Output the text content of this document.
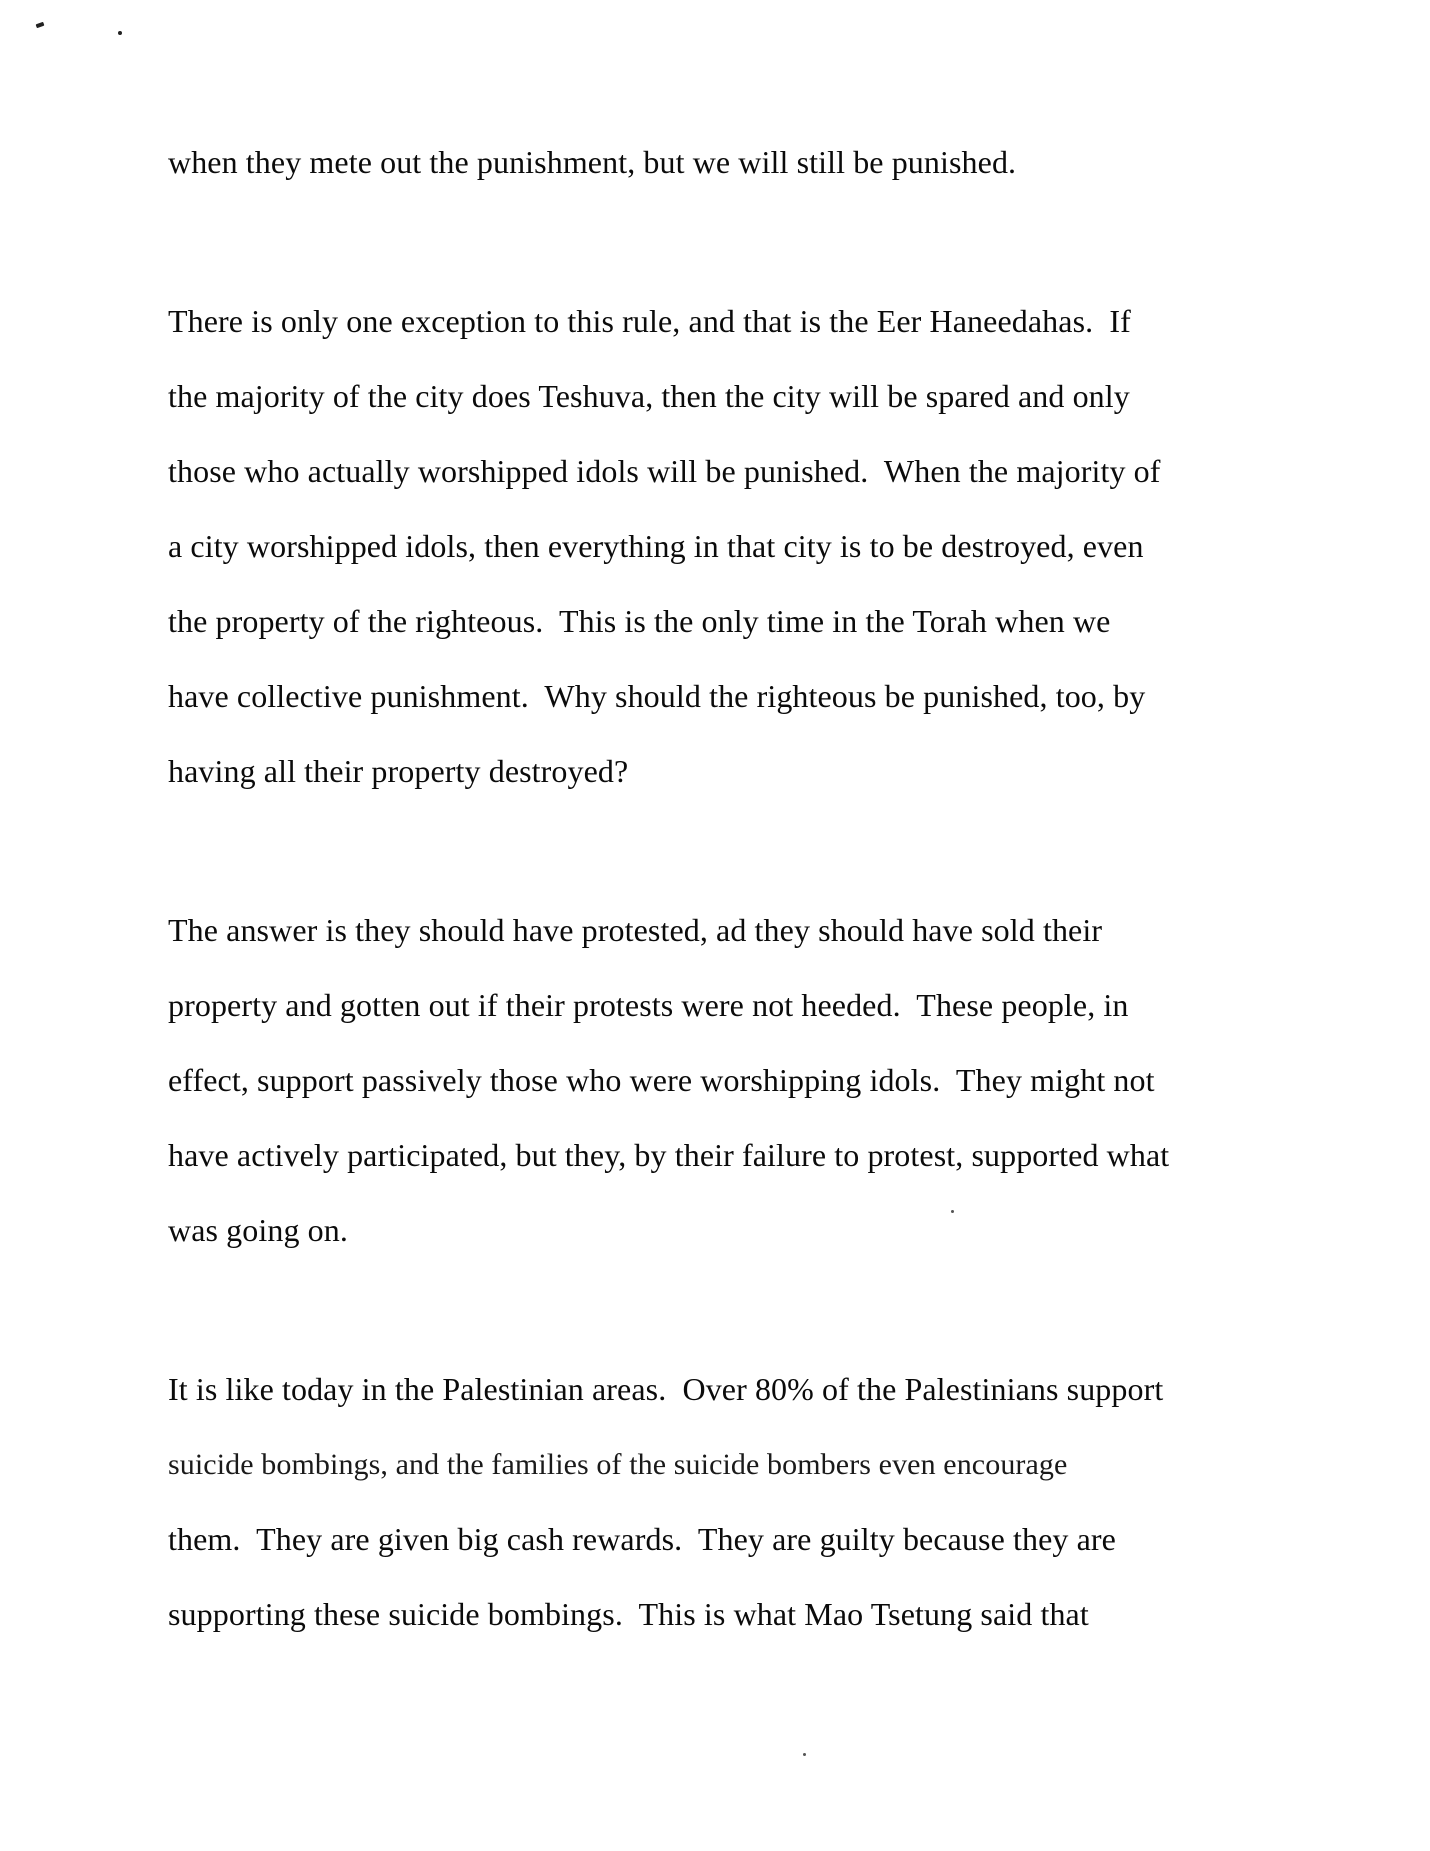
when they mete out the punishment, but we will still be punished.
There is only one exception to this rule, and that is the Eer Haneedahas.  If
the majority of the city does Teshuva, then the city will be spared and only
those who actually worshipped idols will be punished.  When the majority of
a city worshipped idols, then everything in that city is to be destroyed, even
the property of the righteous.  This is the only time in the Torah when we
have collective punishment.  Why should the righteous be punished, too, by
having all their property destroyed?
The answer is they should have protested, ad they should have sold their
property and gotten out if their protests were not heeded.  These people, in
effect, support passively those who were worshipping idols.  They might not
have actively participated, but they, by their failure to protest, supported what
was going on.
It is like today in the Palestinian areas.  Over 80% of the Palestinians support
suicide bombings, and the families of the suicide bombers even encourage
them.  They are given big cash rewards.  They are guilty because they are
supporting these suicide bombings.  This is what Mao Tsetung said that
